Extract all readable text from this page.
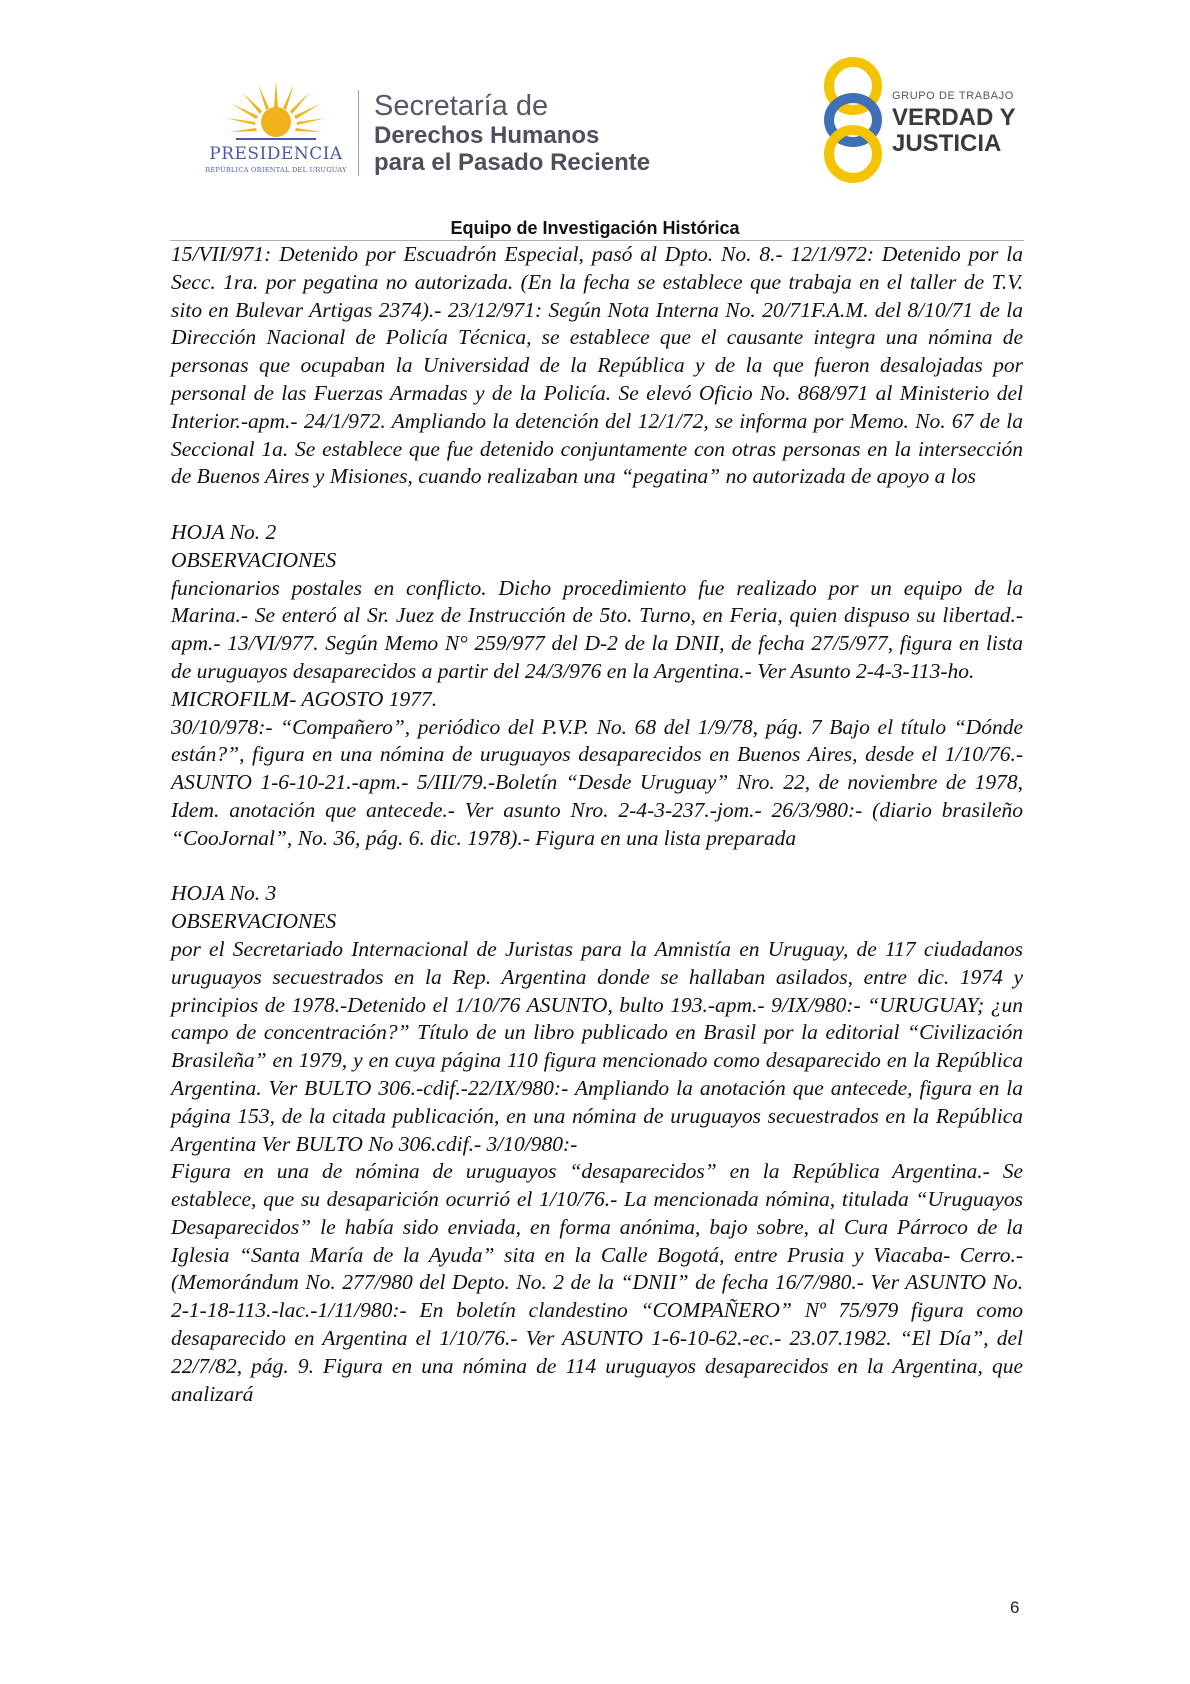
PRESIDENCIA
REPÚBLICA ORIENTAL DEL URUGUAY
Secretaría de
Derechos Humanos
para el Pasado Reciente
GRUPO DE TRABAJO
VERDAD Y
JUSTICIA
Equipo de Investigación Histórica

15/VII/971: Detenido por Escuadrón Especial, pasó al Dpto. No. 8.- 12/1/972: Detenido por la Secc. 1ra. por pegatina no autorizada. (En la fecha se establece que trabaja en el taller de T.V. sito en Bulevar Artigas 2374).- 23/12/971: Según Nota Interna No. 20/71F.A.M. del 8/10/71 de la Dirección Nacional de Policía Técnica, se establece que el causante integra una nómina de personas que ocupaban la Universidad de la República y de la que fueron desalojadas por personal de las Fuerzas Armadas y de la Policía. Se elevó Oficio No. 868/971 al Ministerio del Interior.-apm.- 24/1/972. Ampliando la detención del 12/1/72, se informa por Memo. No. 67 de la Seccional 1a. Se establece que fue detenido conjuntamente con otras personas en la intersección de Buenos Aires y Misiones, cuando realizaban una “pegatina” no autorizada de apoyo a los

HOJA No. 2

OBSERVACIONES

funcionarios postales en conflicto. Dicho procedimiento fue realizado por un equipo de la Marina.- Se enteró al Sr. Juez de Instrucción de 5to. Turno, en Feria, quien dispuso su libertad.-apm.- 13/VI/977. Según Memo N° 259/977 del D-2 de la DNII, de fecha 27/5/977, figura en lista de uruguayos desaparecidos a partir del 24/3/976 en la Argentina.- Ver Asunto 2-4-3-113-ho.

MICROFILM- AGOSTO 1977.

30/10/978:- “Compañero”, periódico del P.V.P. No. 68 del 1/9/78, pág. 7 Bajo el título “Dónde están?”, figura en una nómina de uruguayos desaparecidos en Buenos Aires, desde el 1/10/76.- ASUNTO 1-6-10-21.-apm.- 5/III/79.-Boletín “Desde Uruguay” Nro. 22, de noviembre de 1978, Idem. anotación que antecede.- Ver asunto Nro. 2-4-3-237.-jom.- 26/3/980:- (diario brasileño “CooJornal”, No. 36, pág. 6. dic. 1978).- Figura en una lista preparada

HOJA No. 3

OBSERVACIONES

por el Secretariado Internacional de Juristas para la Amnistía en Uruguay, de 117 ciudadanos uruguayos secuestrados en la Rep. Argentina donde se hallaban asilados, entre dic. 1974 y principios de 1978.-Detenido el 1/10/76 ASUNTO, bulto 193.-apm.- 9/IX/980:- “URUGUAY; ¿un campo de concentración?” Título de un libro publicado en Brasil por la editorial “Civilización Brasileña” en 1979, y en cuya página 110 figura mencionado como desaparecido en la República Argentina. Ver BULTO 306.-cdif.-22/IX/980:- Ampliando la anotación que antecede, figura en la página 153, de la citada publicación, en una nómina de uruguayos secuestrados en la República Argentina Ver BULTO No 306.cdif.- 3/10/980:-

Figura en una de nómina de uruguayos “desaparecidos” en la República Argentina.- Se establece, que su desaparición ocurrió el 1/10/76.- La mencionada nómina, titulada “Uruguayos Desaparecidos” le había sido enviada, en forma anónima, bajo sobre, al Cura Párroco de la Iglesia “Santa María de la Ayuda” sita en la Calle Bogotá, entre Prusia y Viacaba- Cerro.- (Memorándum No. 277/980 del Depto. No. 2 de la “DNII” de fecha 16/7/980.- Ver ASUNTO No. 2-1-18-113.-lac.-1/11/980:- En boletín clandestino “COMPAÑERO” Nº 75/979 figura como desaparecido en Argentina el 1/10/76.- Ver ASUNTO 1-6-10-62.-ec.- 23.07.1982. “El Día”, del 22/7/82, pág. 9. Figura en una nómina de 114 uruguayos desaparecidos en la Argentina, que analizará

6
